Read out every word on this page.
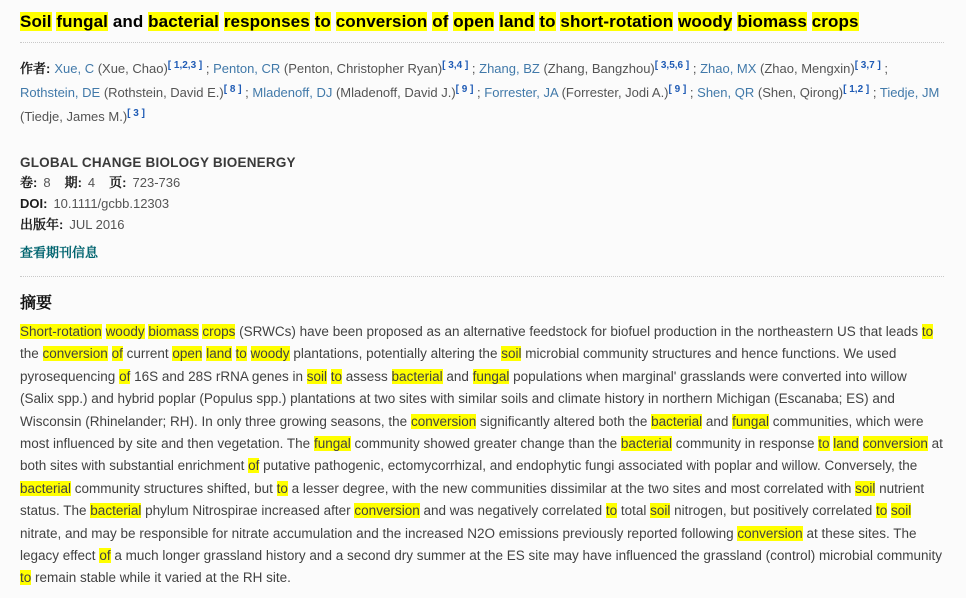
Soil fungal and bacterial responses to conversion of open land to short-rotation woody biomass crops

作者: Xue, C (Xue, Chao)[ 1,2,3 ] ; Penton, CR (Penton, Christopher Ryan)[ 3,4 ] ; Zhang, BZ (Zhang, Bangzhou)[ 3,5,6 ] ; Zhao, MX (Zhao, Mengxin)[ 3,7 ] ; Rothstein, DE (Rothstein, David E.)[ 8 ] ; Mladenoff, DJ (Mladenoff, David J.)[ 9 ] ; Forrester, JA (Forrester, Jodi A.)[ 9 ] ; Shen, QR (Shen, Qirong)[ 1,2 ] ; Tiedje, JM (Tiedje, James M.)[ 3 ]

GLOBAL CHANGE BIOLOGY BIOENERGY
卷: 8 期: 4 页: 723-736
DOI: 10.1111/gcbb.12303
出版年: JUL 2016
查看期刊信息
摘要

Short-rotation woody biomass crops (SRWCs) have been proposed as an alternative feedstock for biofuel production in the northeastern US that leads to the conversion of current open land to woody plantations, potentially altering the soil microbial community structures and hence functions. We used pyrosequencing of 16S and 28S rRNA genes in soil to assess bacterial and fungal populations when marginal' grasslands were converted into willow (Salix spp.) and hybrid poplar (Populus spp.) plantations at two sites with similar soils and climate history in northern Michigan (Escanaba; ES) and Wisconsin (Rhinelander; RH). In only three growing seasons, the conversion significantly altered both the bacterial and fungal communities, which were most influenced by site and then vegetation. The fungal community showed greater change than the bacterial community in response to land conversion at both sites with substantial enrichment of putative pathogenic, ectomycorrhizal, and endophytic fungi associated with poplar and willow. Conversely, the bacterial community structures shifted, but to a lesser degree, with the new communities dissimilar at the two sites and most correlated with soil nutrient status. The bacterial phylum Nitrospirae increased after conversion and was negatively correlated to total soil nitrogen, but positively correlated to soil nitrate, and may be responsible for nitrate accumulation and the increased N2O emissions previously reported following conversion at these sites. The legacy effect of a much longer grassland history and a second dry summer at the ES site may have influenced the grassland (control) microbial community to remain stable while it varied at the RH site.
